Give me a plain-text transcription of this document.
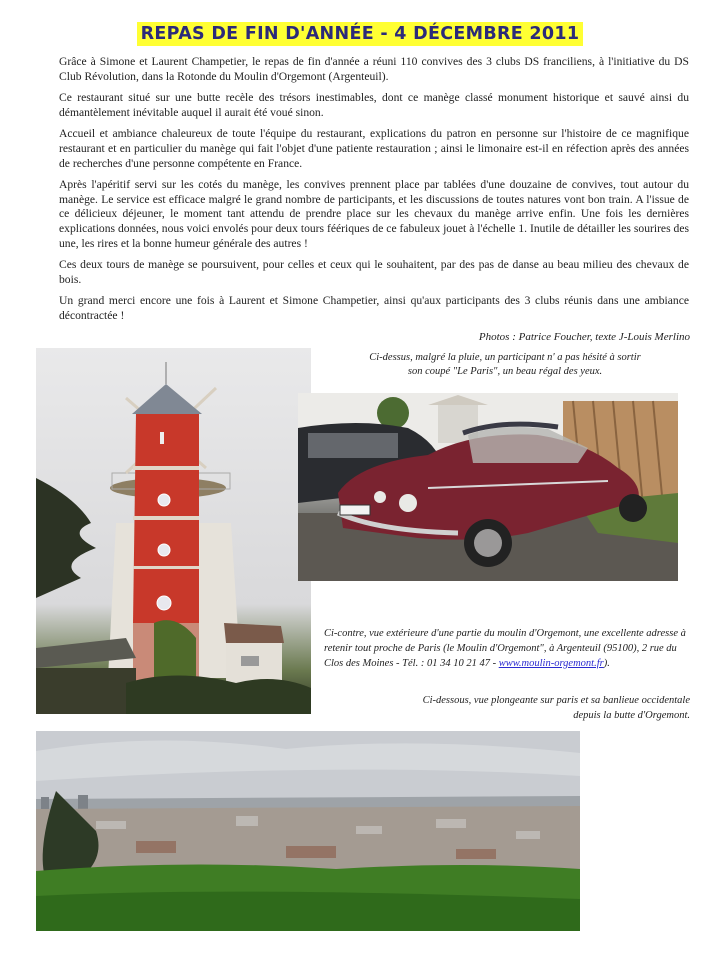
REPAS DE FIN D'ANNÉE - 4 DÉCEMBRE 2011

Grâce à Simone et Laurent Champetier, le repas de fin d'année a réuni 110 convives des 3 clubs DS franciliens, à l'initiative du DS Club Révolution, dans la Rotonde du Moulin d'Orgemont (Argenteuil).

Ce restaurant situé sur une butte recèle des trésors inestimables, dont ce manège classé monument historique et sauvé ainsi du démantèlement inévitable auquel il aurait été voué sinon.

Accueil et ambiance chaleureux de toute l'équipe du restaurant, explications du patron en personne sur l'histoire de ce magnifique restaurant et en particulier du manège qui fait l'objet d'une patiente restauration ; ainsi le limonaire est-il en réfection après des années de recherches d'une personne compétente en France.

Après l'apéritif servi sur les cotés du manège, les convives prennent place par tablées d'une douzaine de convives, tout autour du manège. Le service est efficace malgré le grand nombre de participants, et les discussions de toutes natures vont bon train. A l'issue de ce délicieux déjeuner, le moment tant attendu de prendre place sur les chevaux du manège arrive enfin. Une fois les dernières explications données, nous voici envolés pour deux tours féériques de ce fabuleux jouet à l'échelle 1. Inutile de détailler les sourires des une, les rires et la bonne humeur générale des autres !

Ces deux tours de manège se poursuivent, pour celles et ceux qui le souhaitent, par des pas de danse au beau milieu des chevaux de bois.

Un grand merci encore une fois à Laurent et Simone Champetier, ainsi qu'aux participants des 3 clubs réunis dans une ambiance décontractée !

Photos : Patrice Foucher, texte J-Louis Merlino
Ci-dessus, malgré la pluie, un participant n' a pas hésité à sortir
son coupé "Le Paris", un beau régal des yeux.
Ci-contre, vue extérieure d'une partie du moulin d'Orgemont, une excellente adresse à retenir tout proche de Paris (le Moulin d'Orgemont", à Argenteuil (95100), 2 rue du Clos des Moines - Tél. : 01 34 10 21 47 - www.moulin-orgemont.fr).
Ci-dessous, vue plongeante sur paris et sa banlieue occidentale
depuis la butte d'Orgemont.
